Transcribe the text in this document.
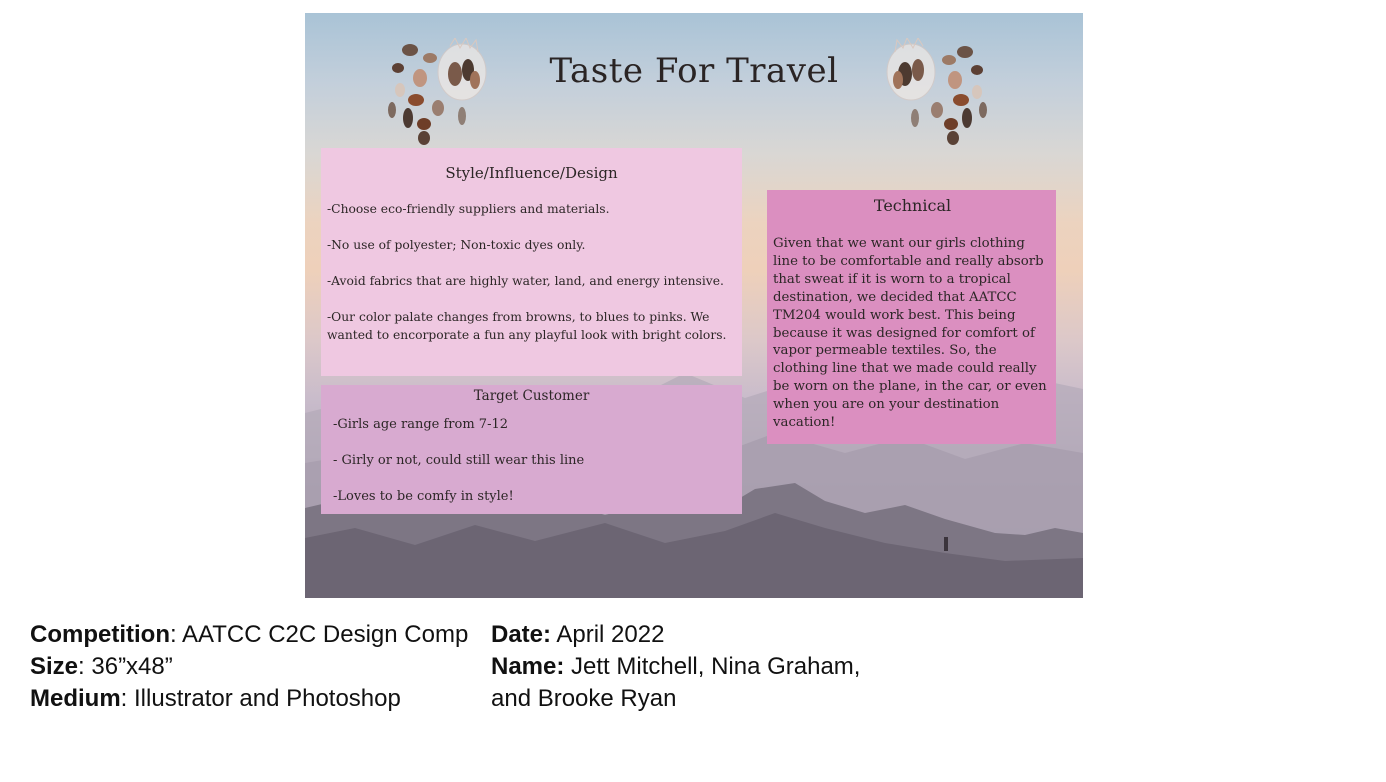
Taste For Travel
Style/Influence/Design
-Choose eco-friendly suppliers and materials.
-No use of polyester; Non-toxic dyes only.
-Avoid fabrics that are highly water, land, and energy intensive.
-Our color palate changes from browns, to blues to pinks. We wanted to encorporate a fun any playful look with bright colors.
Target Customer
-Girls age range from 7-12
- Girly or not, could still wear this line
-Loves to be comfy in style!
Technical

Given that we want our girls clothing line to be comfortable and really absorb that sweat if it is worn to a tropical destination, we decided that AATCC TM204 would work best. This being because it was designed for comfort of vapor permeable textiles. So, the clothing line that we made could really be worn on the plane, in the car, or even when you are on your destination vacation!

Competition: AATCC C2C Design Comp
Size: 36”x48”
Medium: Illustrator and Photoshop
Date: April 2022
Name: Jett Mitchell, Nina Graham,
and Brooke Ryan
